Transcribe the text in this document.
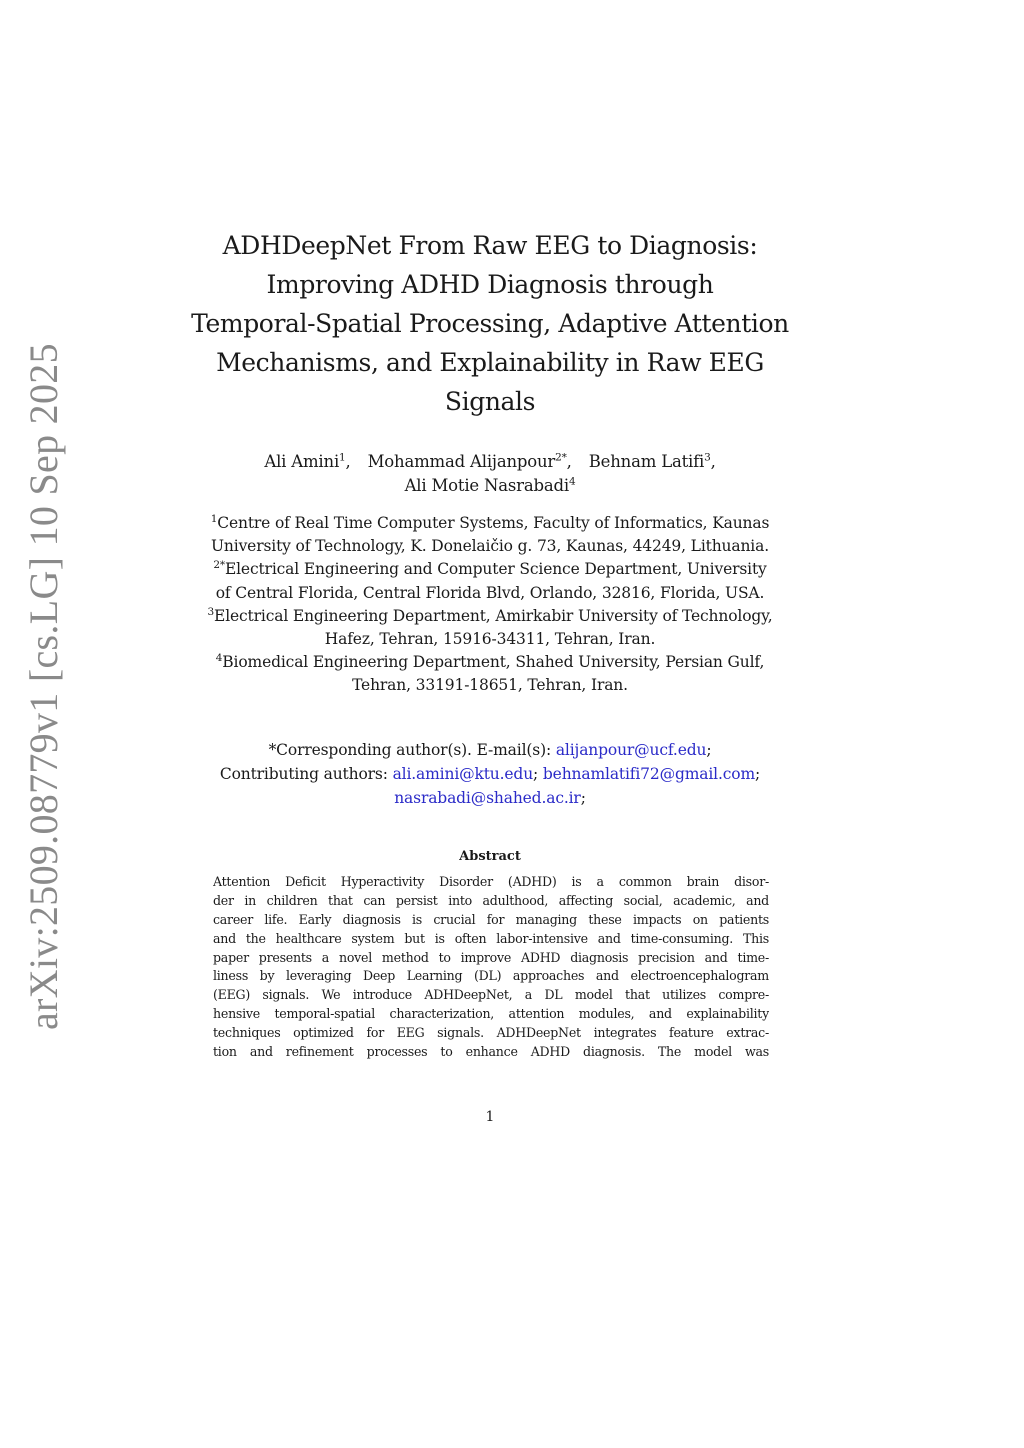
arXiv:2509.08779v1 [cs.LG] 10 Sep 2025
ADHDeepNet From Raw EEG to Diagnosis:
Improving ADHD Diagnosis through
Temporal-Spatial Processing, Adaptive Attention
Mechanisms, and Explainability in Raw EEG
Signals
Ali Amini$^1$, Mohammad Alijanpour$^{2*}$, Behnam Latifi$^3$,
Ali Motie Nasrabadi$^4$
$^1$Centre of Real Time Computer Systems, Faculty of Informatics, Kaunas
University of Technology, K. Donelaičio g. 73, Kaunas, 44249, Lithuania.
$^{2*}$Electrical Engineering and Computer Science Department, University
of Central Florida, Central Florida Blvd, Orlando, 32816, Florida, USA.
$^3$Electrical Engineering Department, Amirkabir University of Technology,
Hafez, Tehran, 15916-34311, Tehran, Iran.
$^4$Biomedical Engineering Department, Shahed University, Persian Gulf,
Tehran, 33191-18651, Tehran, Iran.
*Corresponding author(s). E-mail(s): alijanpour@ucf.edu;
Contributing authors: ali.amini@ktu.edu; behnamlatifi72@gmail.com;
nasrabadi@shahed.ac.ir;
Abstract
Attention Deficit Hyperactivity Disorder (ADHD) is a common brain disor-
der in children that can persist into adulthood, affecting social, academic, and
career life. Early diagnosis is crucial for managing these impacts on patients
and the healthcare system but is often labor-intensive and time-consuming. This
paper presents a novel method to improve ADHD diagnosis precision and time-
liness by leveraging Deep Learning (DL) approaches and electroencephalogram
(EEG) signals. We introduce ADHDeepNet, a DL model that utilizes compre-
hensive temporal-spatial characterization, attention modules, and explainability
techniques optimized for EEG signals. ADHDeepNet integrates feature extrac-
tion and refinement processes to enhance ADHD diagnosis. The model was
1
